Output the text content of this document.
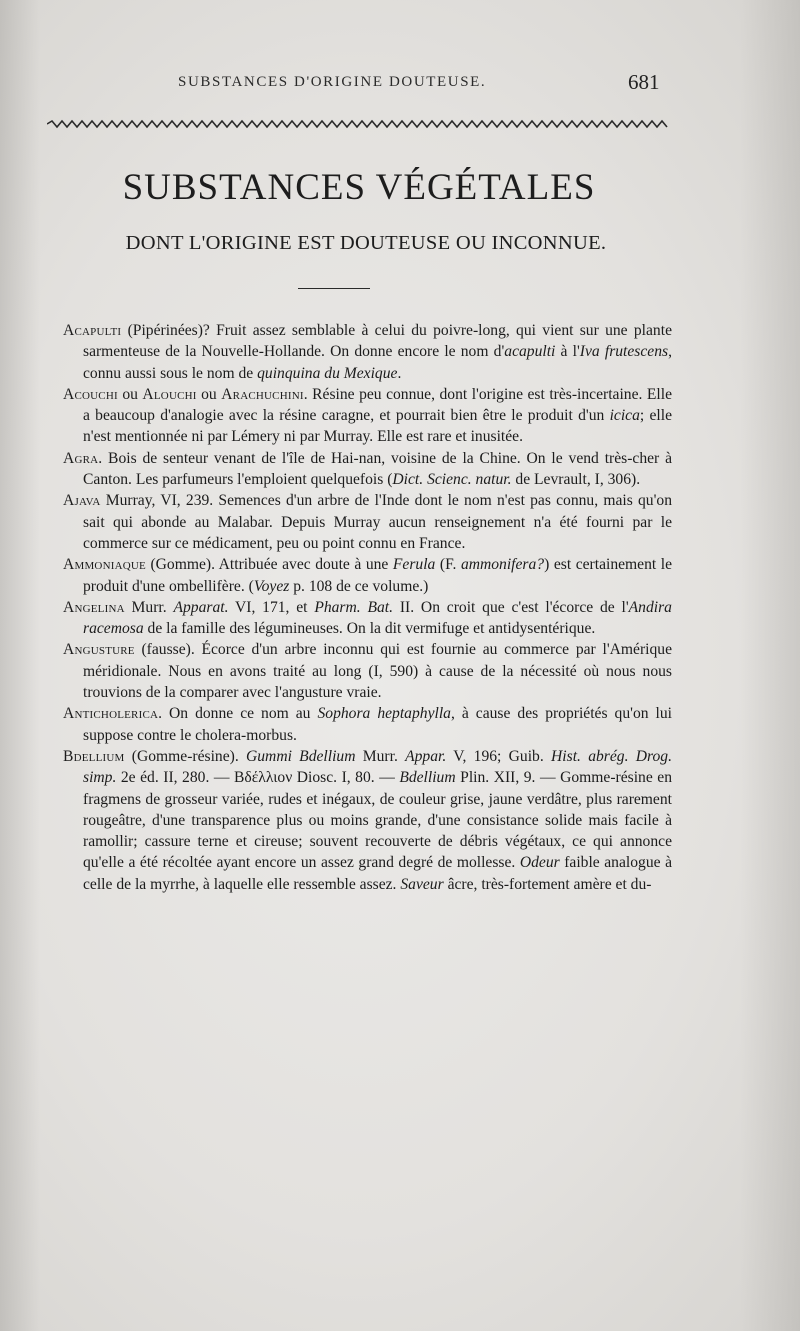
SUBSTANCES D'ORIGINE DOUTEUSE.	681
SUBSTANCES VÉGÉTALES
DONT L'ORIGINE EST DOUTEUSE OU INCONNUE.

Acapulti (Pipérinées)? Fruit assez semblable à celui du poivre-long, qui vient sur une plante sarmenteuse de la Nouvelle-Hollande. On donne encore le nom d'acapulti à l'Iva frutescens, connu aussi sous le nom de quinquina du Mexique.

Acouchi ou Alouchi ou Arachuchini. Résine peu connue, dont l'origine est très-incertaine. Elle a beaucoup d'analogie avec la résine caragne, et pourrait bien être le produit d'un icica; elle n'est mentionnée ni par Lémery ni par Murray. Elle est rare et inusitée.

Agra. Bois de senteur venant de l'île de Hai-nan, voisine de la Chine. On le vend très-cher à Canton. Les parfumeurs l'emploient quelquefois (Dict. Scienc. natur. de Levrault, I, 306).

Ajava Murray, VI, 239. Semences d'un arbre de l'Inde dont le nom n'est pas connu, mais qu'on sait qui abonde au Malabar. Depuis Murray aucun renseignement n'a été fourni par le commerce sur ce médicament, peu ou point connu en France.

Ammoniaque (Gomme). Attribuée avec doute à une Ferula (F. ammonifera?) est certainement le produit d'une ombellifère. (Voyez p. 108 de ce volume.)

Angelina Murr. Apparat. VI, 171, et Pharm. Bat. II. On croit que c'est l'écorce de l'Andira racemosa de la famille des légumineuses. On la dit vermifuge et antidysentérique.

Angusture (fausse). Écorce d'un arbre inconnu qui est fournie au commerce par l'Amérique méridionale. Nous en avons traité au long (I, 590) à cause de la nécessité où nous nous trouvions de la comparer avec l'angusture vraie.

Anticholerica. On donne ce nom au Sophora heptaphylla, à cause des propriétés qu'on lui suppose contre le cholera-morbus.

Bdellium (Gomme-résine). Gummi Bdellium Murr. Appar. V, 196; Guib. Hist. abrég. Drog. simp. 2e éd. II, 280. — Βδέλλιον Diosc. I, 80. — Bdellium Plin. XII, 9. — Gomme-résine en fragmens de grosseur variée, rudes et inégaux, de couleur grise, jaune verdâtre, plus rarement rougeâtre, d'une transparence plus ou moins grande, d'une consistance solide mais facile à ramollir; cassure terne et cireuse; souvent recouverte de débris végétaux, ce qui annonce qu'elle a été récoltée ayant encore un assez grand degré de mollesse. Odeur faible analogue à celle de la myrrhe, à laquelle elle ressemble assez. Saveur âcre, très-fortement amère et du-
